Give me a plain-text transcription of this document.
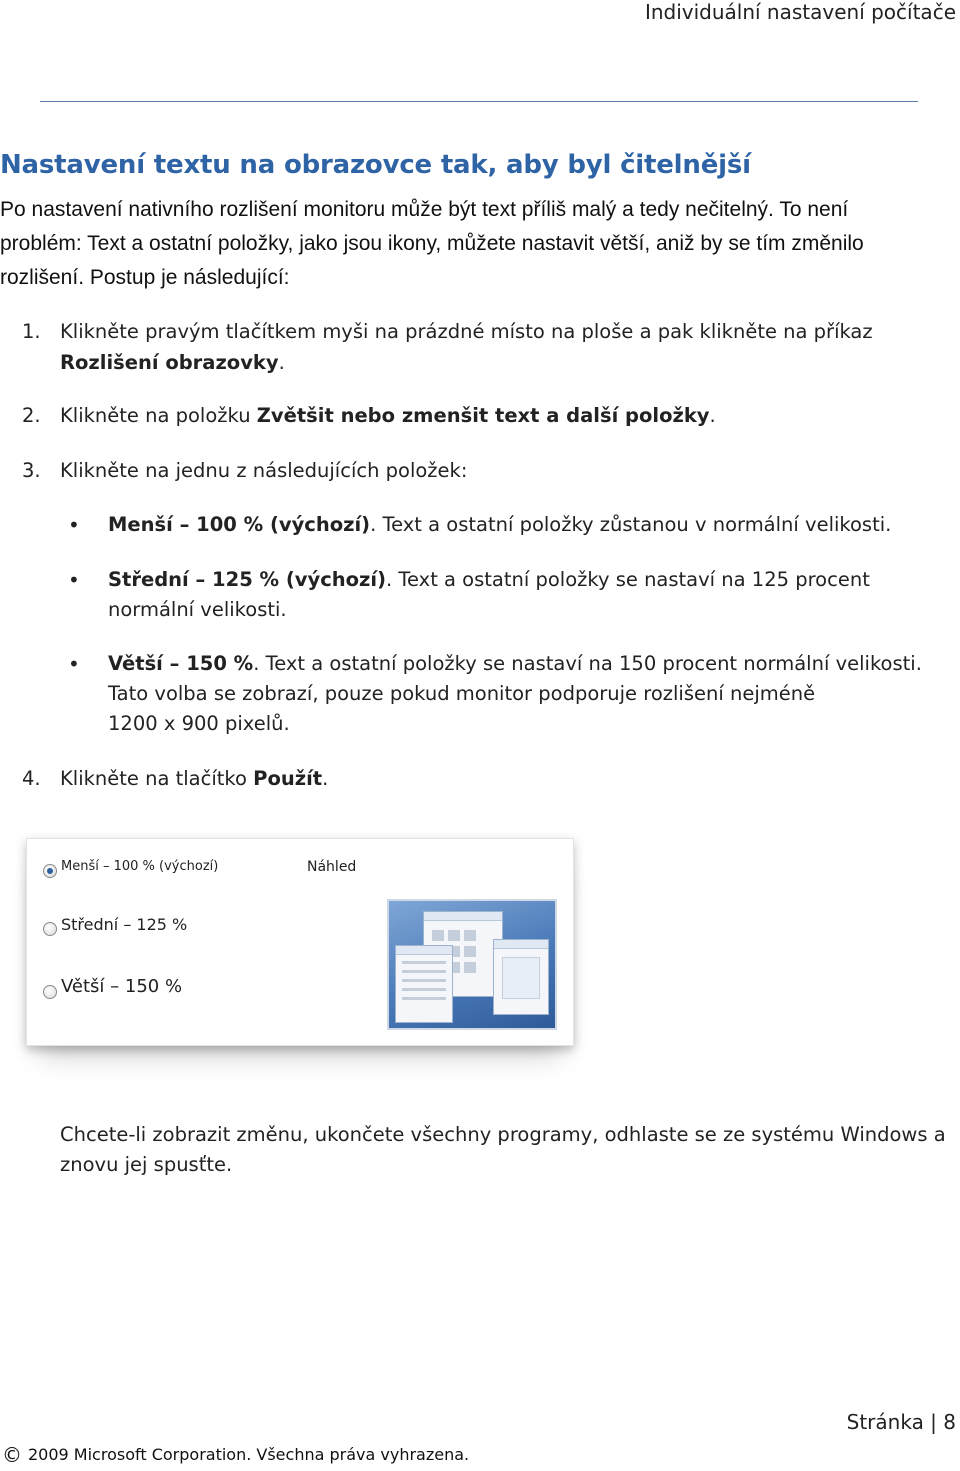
Individuální nastavení počítače
Nastavení textu na obrazovce tak, aby byl čitelnější
Po nastavení nativního rozlišení monitoru může být text příliš malý a tedy nečitelný. To není
problém: Text a ostatní položky, jako jsou ikony, můžete nastavit větší, aniž by se tím změnilo
rozlišení. Postup je následující:
1. Klikněte pravým tlačítkem myši na prázdné místo na ploše a pak klikněte na příkaz
Rozlišení obrazovky.
2. Klikněte na položku Zvětšit nebo zmenšit text a další položky.
3. Klikněte na jednu z následujících položek:
•	Menší – 100 % (výchozí). Text a ostatní položky zůstanou v normální velikosti.
•	Střední – 125 % (výchozí). Text a ostatní položky se nastaví na 125 procent
normální velikosti.
•	Větší – 150 %. Text a ostatní položky se nastaví na 150 procent normální velikosti.
Tato volba se zobrazí, pouze pokud monitor podporuje rozlišení nejméně
1200 x 900 pixelů.
4. Klikněte na tlačítko Použít.
Menší – 100 % (výchozí)
Střední – 125 %
Větší – 150 %
Náhled
Chcete-li zobrazit změnu, ukončete všechny programy, odhlaste se ze systému Windows a
znovu jej spusťte.
Stránka | 8
© 2009 Microsoft Corporation. Všechna práva vyhrazena.
